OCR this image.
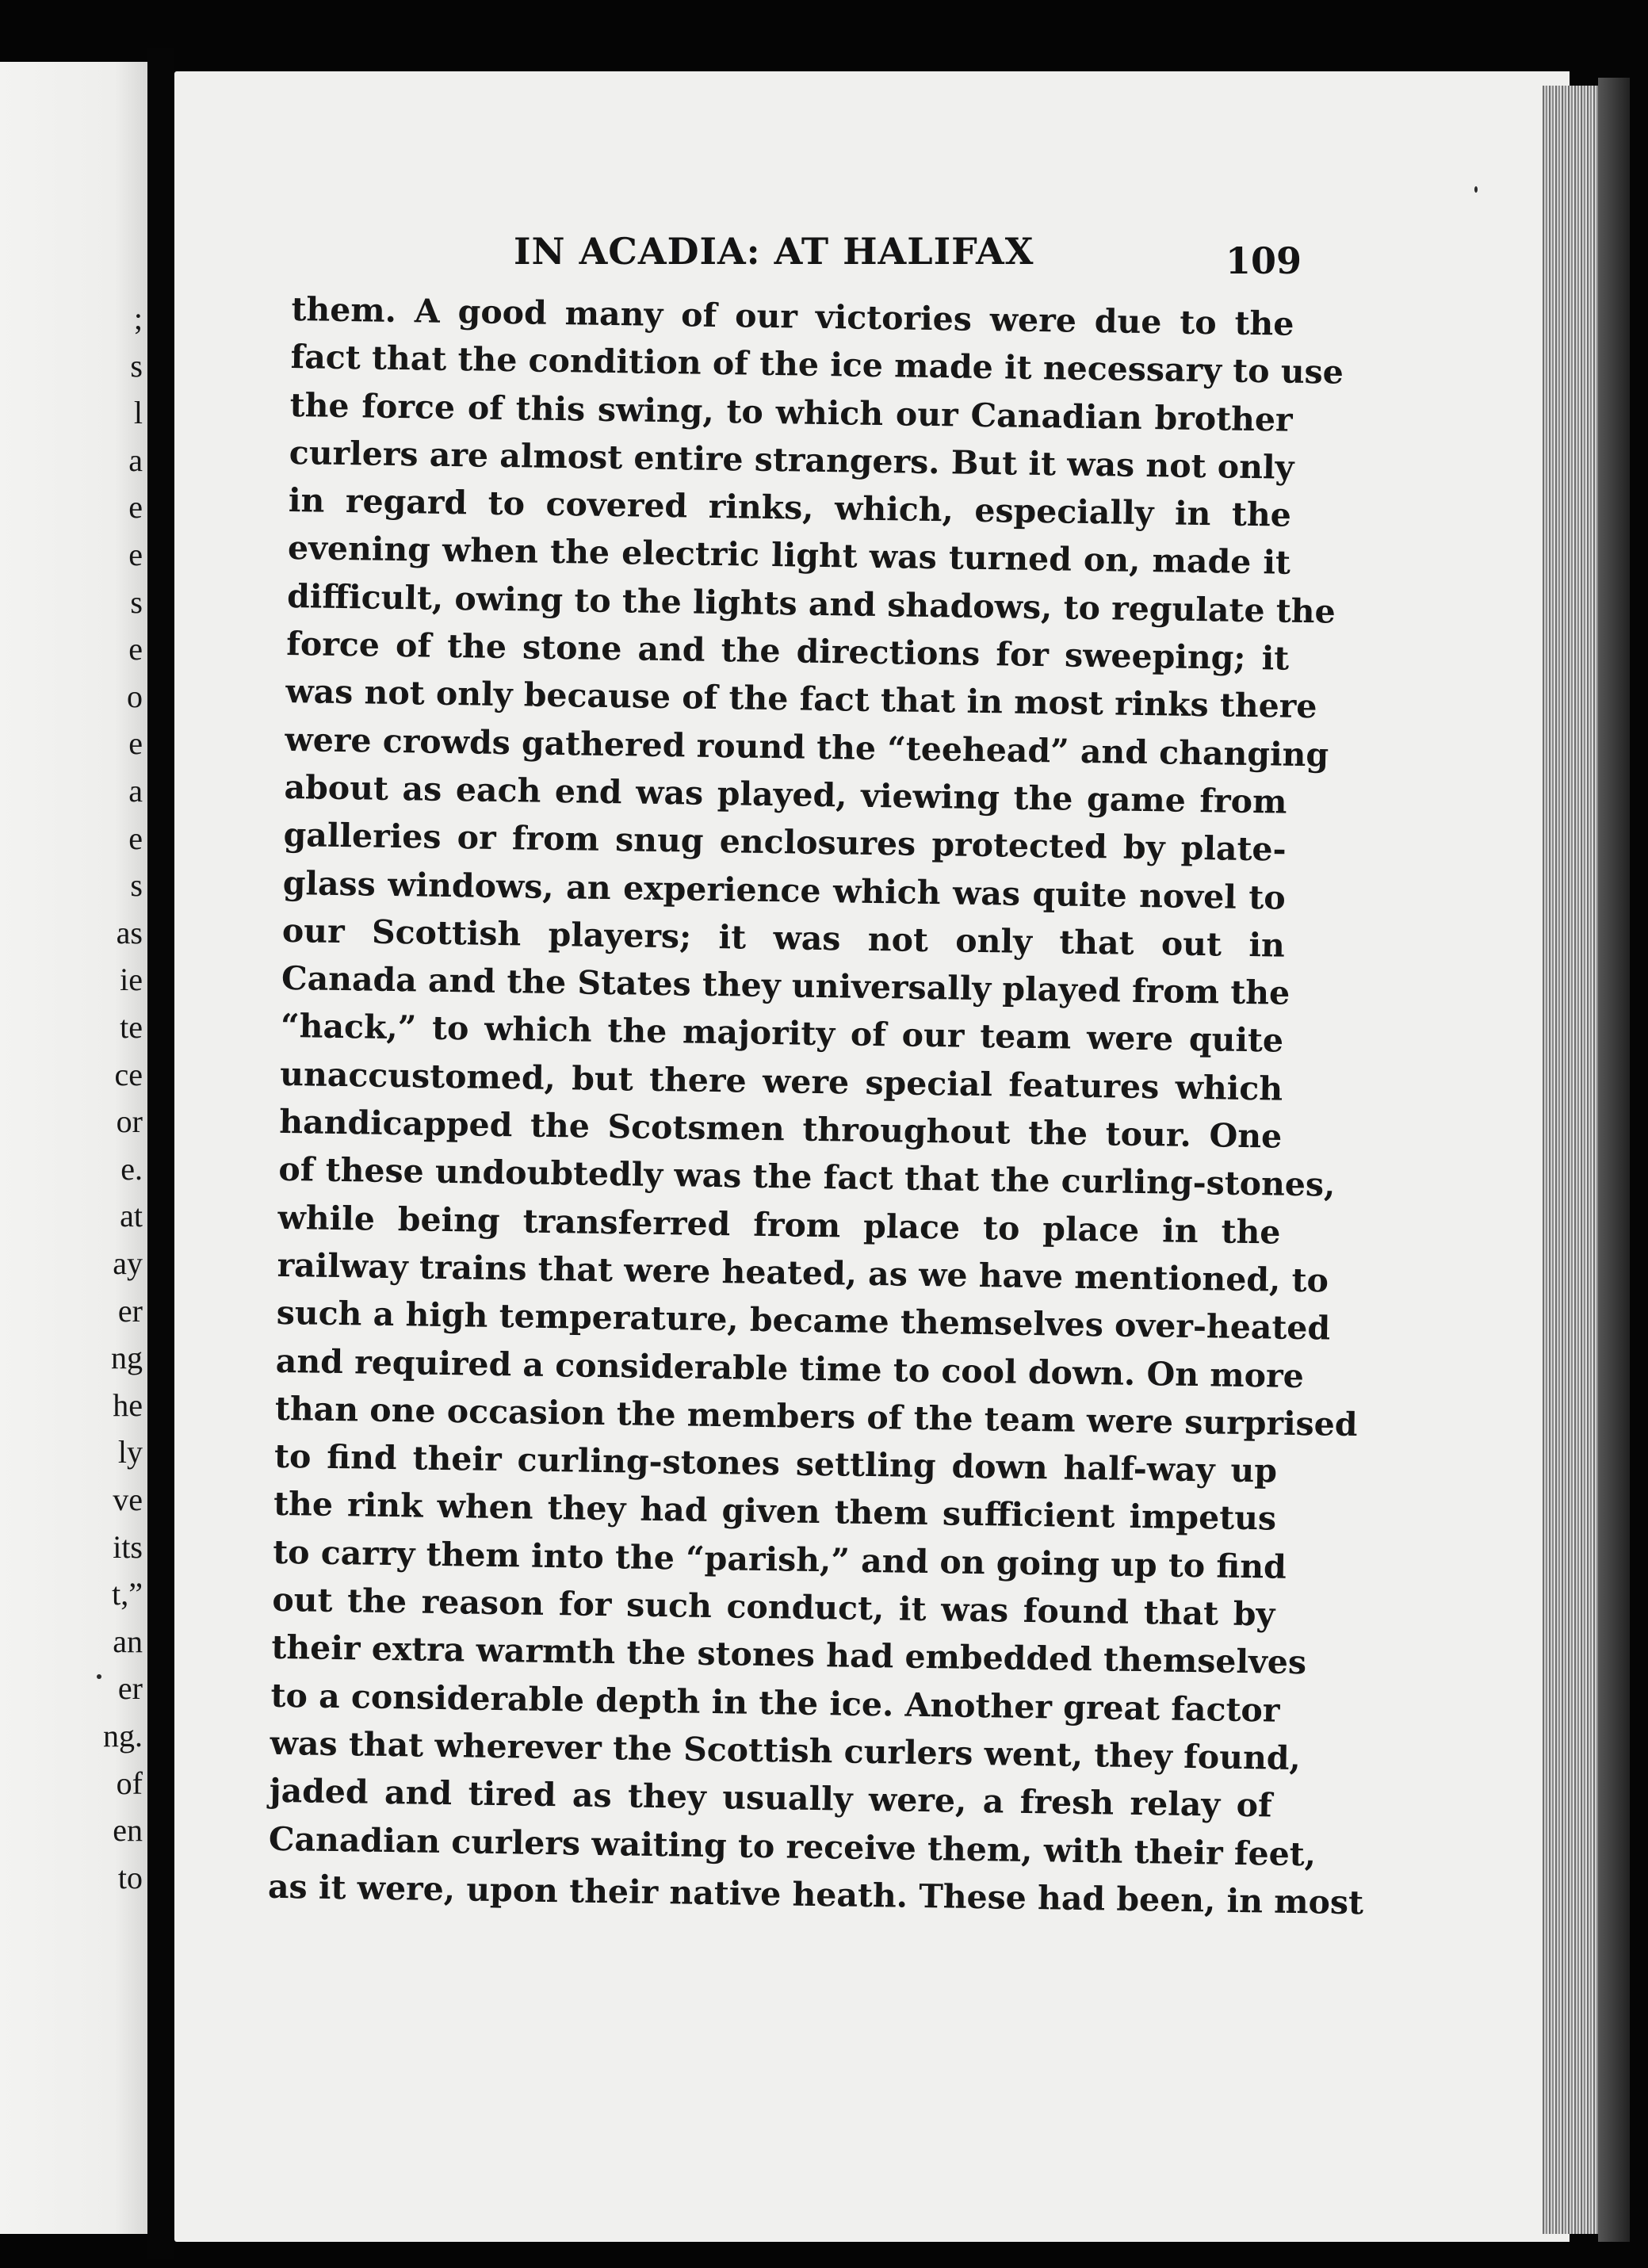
;

s

l

a

e

e

s

e

o

e

a

e

s

as

ie

te

ce

or

e.

at

ay

er

ng

he

ly

ve

its

t,”

an

er

ng.

of

en

to

IN ACADIA: AT HALIFAX	109

them. A good many of our victories were due to the
fact that the condition of the ice made it necessary to use
the force of this swing, to which our Canadian brother
curlers are almost entire strangers. But it was not only
in regard to covered rinks, which, especially in the
evening when the electric light was turned on, made it
difficult, owing to the lights and shadows, to regulate the
force of the stone and the directions for sweeping; it
was not only because of the fact that in most rinks there
were crowds gathered round the “teehead” and changing
about as each end was played, viewing the game from
galleries or from snug enclosures protected by plate-
glass windows, an experience which was quite novel to
our Scottish players; it was not only that out in
Canada and the States they universally played from the
“hack,” to which the majority of our team were quite
unaccustomed, but there were special features which
handicapped the Scotsmen throughout the tour. One
of these undoubtedly was the fact that the curling-stones,
while being transferred from place to place in the
railway trains that were heated, as we have mentioned, to
such a high temperature, became themselves over-heated
and required a considerable time to cool down. On more
than one occasion the members of the team were surprised
to find their curling-stones settling down half-way up
the rink when they had given them sufficient impetus
to carry them into the “parish,” and on going up to find
out the reason for such conduct, it was found that by
their extra warmth the stones had embedded themselves
to a considerable depth in the ice. Another great factor
was that wherever the Scottish curlers went, they found,
jaded and tired as they usually were, a fresh relay of
Canadian curlers waiting to receive them, with their feet,
as it were, upon their native heath. These had been, in most
